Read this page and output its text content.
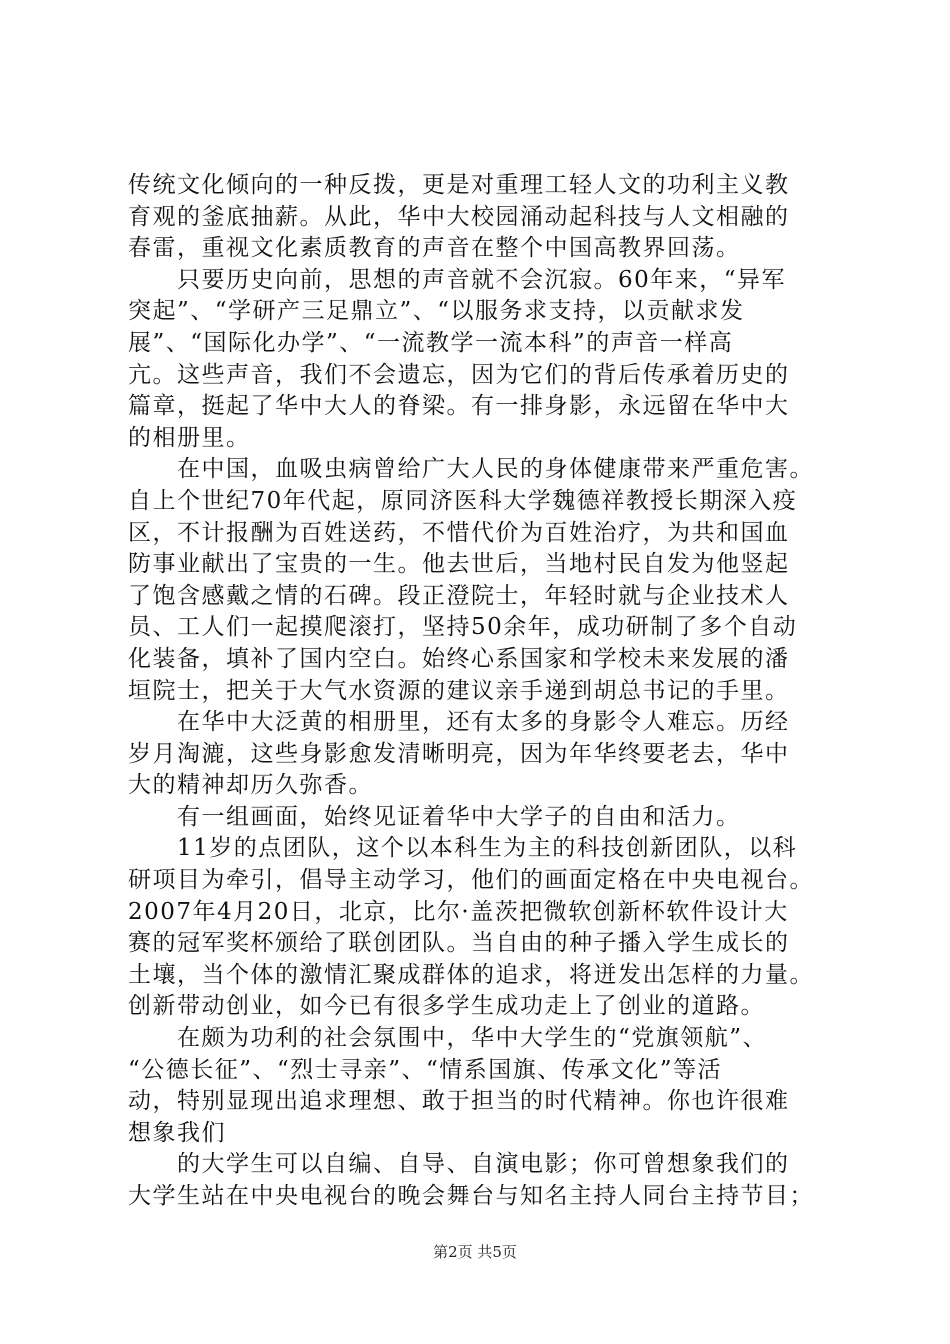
传统文化倾向的一种反拨，更是对重理工轻人文的功利主义教
育观的釜底抽薪。从此，华中大校园涌动起科技与人文相融的
春雷，重视文化素质教育的声音在整个中国高教界回荡。
　　只要历史向前，思想的声音就不会沉寂。60年来，“异军
突起”、“学研产三足鼎立”、“以服务求支持，以贡献求发
展”、“国际化办学”、“一流教学一流本科”的声音一样高
亢。这些声音，我们不会遗忘，因为它们的背后传承着历史的
篇章，挺起了华中大人的脊梁。有一排身影，永远留在华中大
的相册里。
　　在中国，血吸虫病曾给广大人民的身体健康带来严重危害。
自上个世纪70年代起，原同济医科大学魏德祥教授长期深入疫
区，不计报酬为百姓送药，不惜代价为百姓治疗，为共和国血
防事业献出了宝贵的一生。他去世后，当地村民自发为他竖起
了饱含感戴之情的石碑。段正澄院士，年轻时就与企业技术人
员、工人们一起摸爬滚打，坚持50余年，成功研制了多个自动
化装备，填补了国内空白。始终心系国家和学校未来发展的潘
垣院士，把关于大气水资源的建议亲手递到胡总书记的手里。
　　在华中大泛黄的相册里，还有太多的身影令人难忘。历经
岁月淘漉，这些身影愈发清晰明亮，因为年华终要老去，华中
大的精神却历久弥香。
　　有一组画面，始终见证着华中大学子的自由和活力。
　　11岁的点团队，这个以本科生为主的科技创新团队，以科
研项目为牵引，倡导主动学习，他们的画面定格在中央电视台。
2007年4月20日，北京，比尔·盖茨把微软创新杯软件设计大
赛的冠军奖杯颁给了联创团队。当自由的种子播入学生成长的
土壤，当个体的激情汇聚成群体的追求，将迸发出怎样的力量。
创新带动创业，如今已有很多学生成功走上了创业的道路。
　　在颇为功利的社会氛围中，华中大学生的“党旗领航”、
“公德长征”、“烈士寻亲”、“情系国旗、传承文化”等活
动，特别显现出追求理想、敢于担当的时代精神。你也许很难
想象我们
　　的大学生可以自编、自导、自演电影；你可曾想象我们的
大学生站在中央电视台的晚会舞台与知名主持人同台主持节目；
第2页 共5页
